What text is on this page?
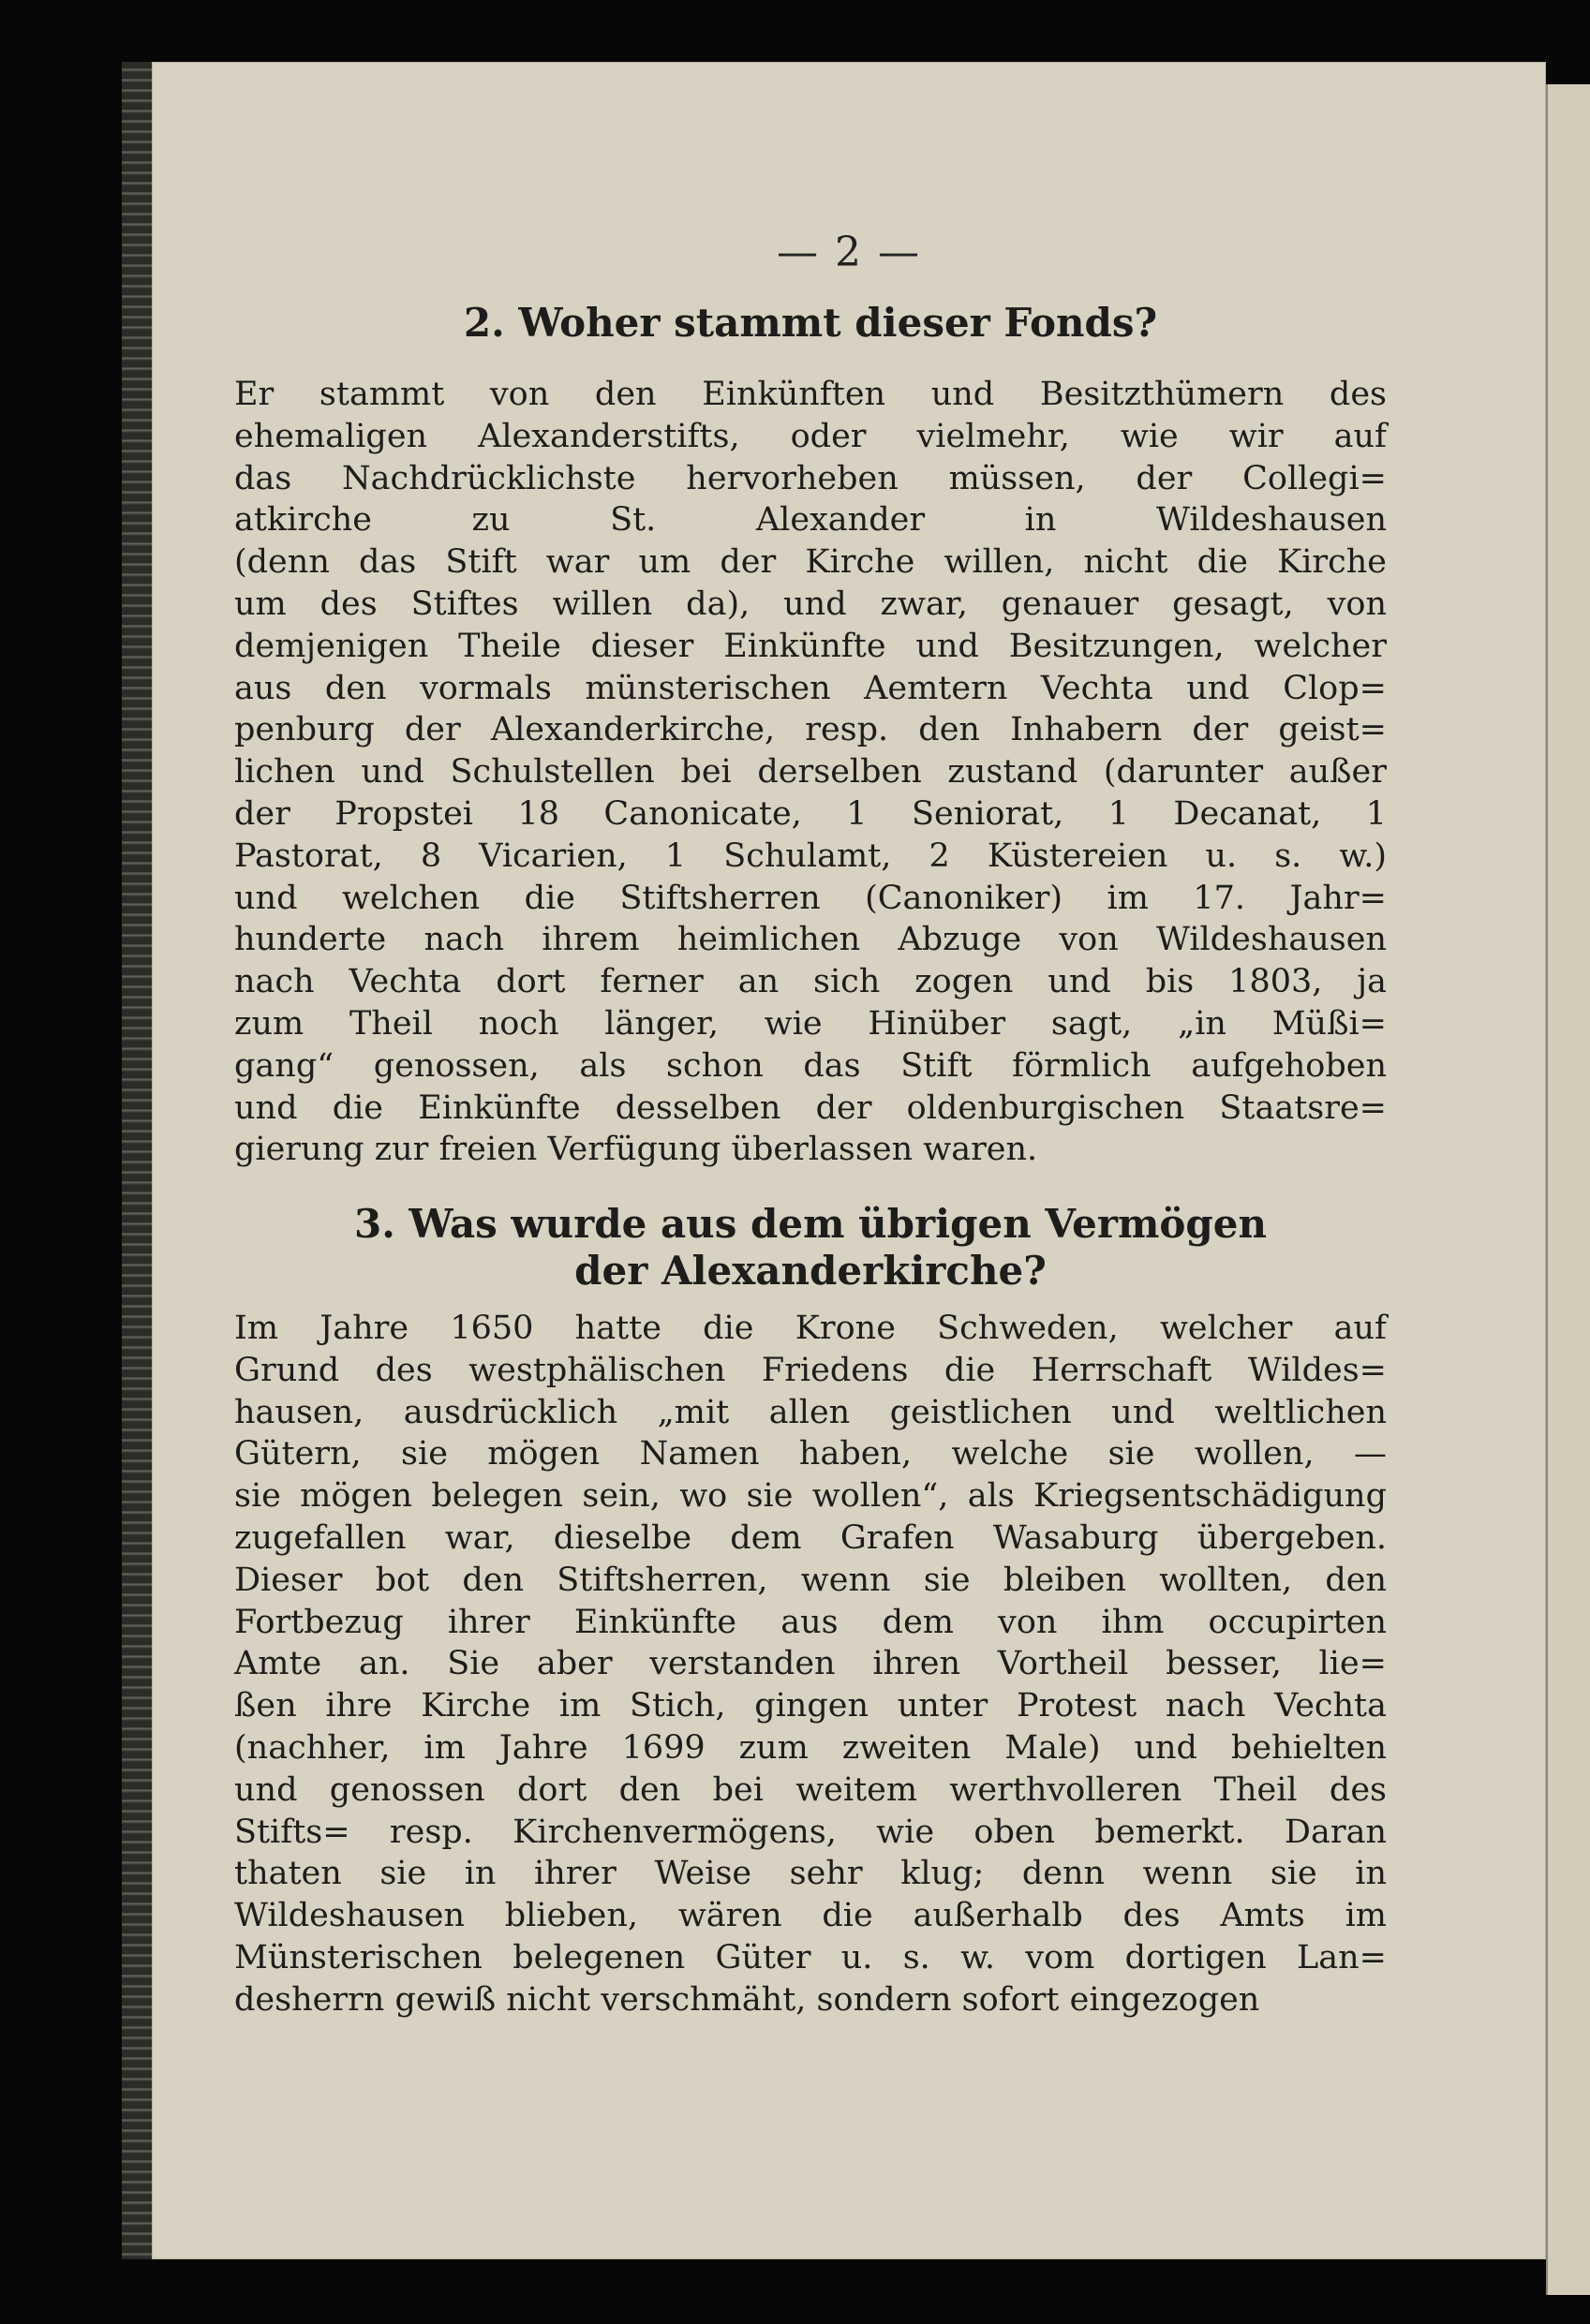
— 2 —
2. Woher stammt dieser Fonds?
Er stammt von den Einkünften und Besitzthümern des
ehemaligen Alexanderstifts, oder vielmehr, wie wir auf
das Nachdrücklichste hervorheben müssen, der Collegi=
atkirche zu St. Alexander in Wildeshausen
(denn das Stift war um der Kirche willen, nicht die Kirche
um des Stiftes willen da), und zwar, genauer gesagt, von
demjenigen Theile dieser Einkünfte und Besitzungen, welcher
aus den vormals münsterischen Aemtern Vechta und Clop=
penburg der Alexanderkirche, resp. den Inhabern der geist=
lichen und Schulstellen bei derselben zustand (darunter außer
der Propstei 18 Canonicate, 1 Seniorat, 1 Decanat, 1
Pastorat, 8 Vicarien, 1 Schulamt, 2 Küstereien u. s. w.)
und welchen die Stiftsherren (Canoniker) im 17. Jahr=
hunderte nach ihrem heimlichen Abzuge von Wildeshausen
nach Vechta dort ferner an sich zogen und bis 1803, ja
zum Theil noch länger, wie Hinüber sagt, „in Müßi=
gang“ genossen, als schon das Stift förmlich aufgehoben
und die Einkünfte desselben der oldenburgischen Staatsre=
gierung zur freien Verfügung überlassen waren.
3. Was wurde aus dem übrigen Vermögen
der Alexanderkirche?
Im Jahre 1650 hatte die Krone Schweden, welcher auf
Grund des westphälischen Friedens die Herrschaft Wildes=
hausen, ausdrücklich „mit allen geistlichen und weltlichen
Gütern, sie mögen Namen haben, welche sie wollen, —
sie mögen belegen sein, wo sie wollen“, als Kriegsentschädigung
zugefallen war, dieselbe dem Grafen Wasaburg übergeben.
Dieser bot den Stiftsherren, wenn sie bleiben wollten, den
Fortbezug ihrer Einkünfte aus dem von ihm occupirten
Amte an. Sie aber verstanden ihren Vortheil besser, lie=
ßen ihre Kirche im Stich, gingen unter Protest nach Vechta
(nachher, im Jahre 1699 zum zweiten Male) und behielten
und genossen dort den bei weitem werthvolleren Theil des
Stifts= resp. Kirchenvermögens, wie oben bemerkt. Daran
thaten sie in ihrer Weise sehr klug; denn wenn sie in
Wildeshausen blieben, wären die außerhalb des Amts im
Münsterischen belegenen Güter u. s. w. vom dortigen Lan=
desherrn gewiß nicht verschmäht, sondern sofort eingezogen
